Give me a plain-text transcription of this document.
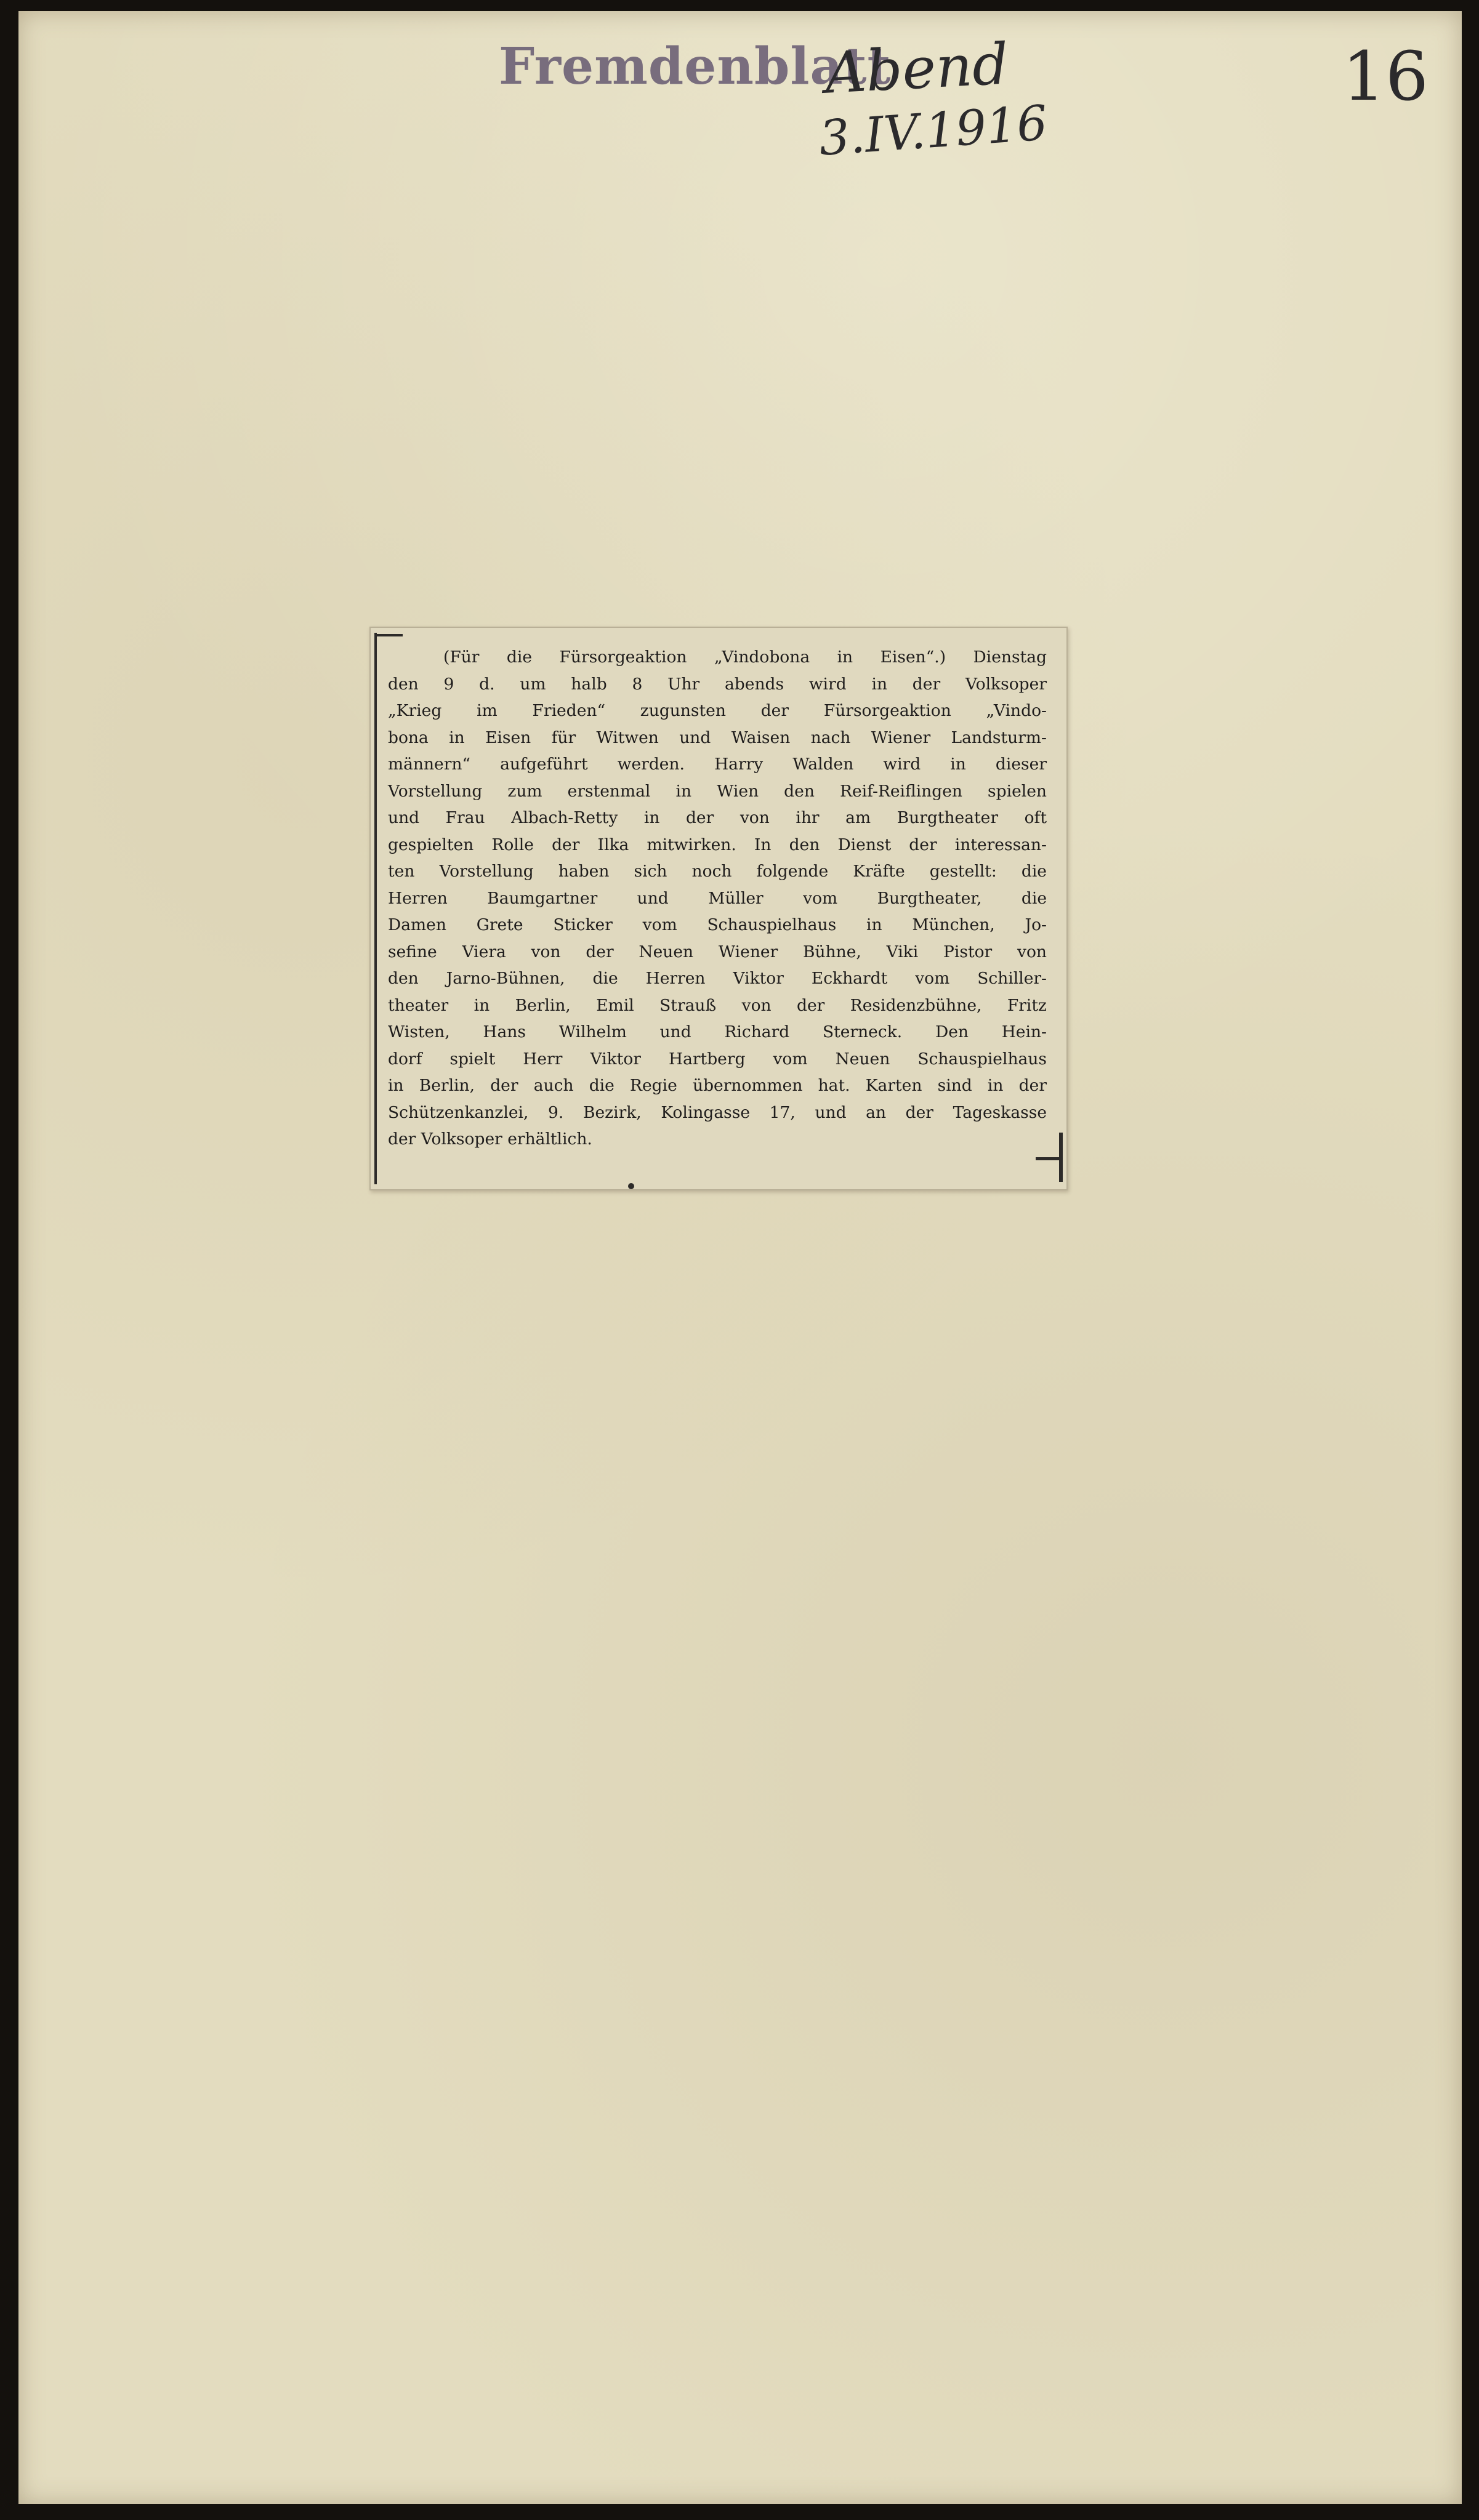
Fremdenblatt
Abend
3.IV.1916
16
(Für die Fürsorgeaktion „Vindobona in Eisen“.) Dienstag
den 9 d. um halb 8 Uhr abends wird in der Volksoper
„Krieg im Frieden“ zugunsten der Fürsorgeaktion „Vindo-
bona in Eisen für Witwen und Waisen nach Wiener Landsturm-
männern“ aufgeführt werden. Harry Walden wird in dieser
Vorstellung zum erstenmal in Wien den Reif-Reiflingen spielen
und Frau Albach-Retty in der von ihr am Burgtheater oft
gespielten Rolle der Ilka mitwirken. In den Dienst der interessan-
ten Vorstellung haben sich noch folgende Kräfte gestellt: die
Herren Baumgartner und Müller vom Burgtheater, die
Damen Grete Sticker vom Schauspielhaus in München, Jo-
sefine Viera von der Neuen Wiener Bühne, Viki Pistor von
den Jarno-Bühnen, die Herren Viktor Eckhardt vom Schiller-
theater in Berlin, Emil Strauß von der Residenzbühne, Fritz
Wisten, Hans Wilhelm und Richard Sterneck. Den Hein-
dorf spielt Herr Viktor Hartberg vom Neuen Schauspielhaus
in Berlin, der auch die Regie übernommen hat. Karten sind in der
Schützenkanzlei, 9. Bezirk, Kolingasse 17, und an der Tageskasse
der Volksoper erhältlich.
